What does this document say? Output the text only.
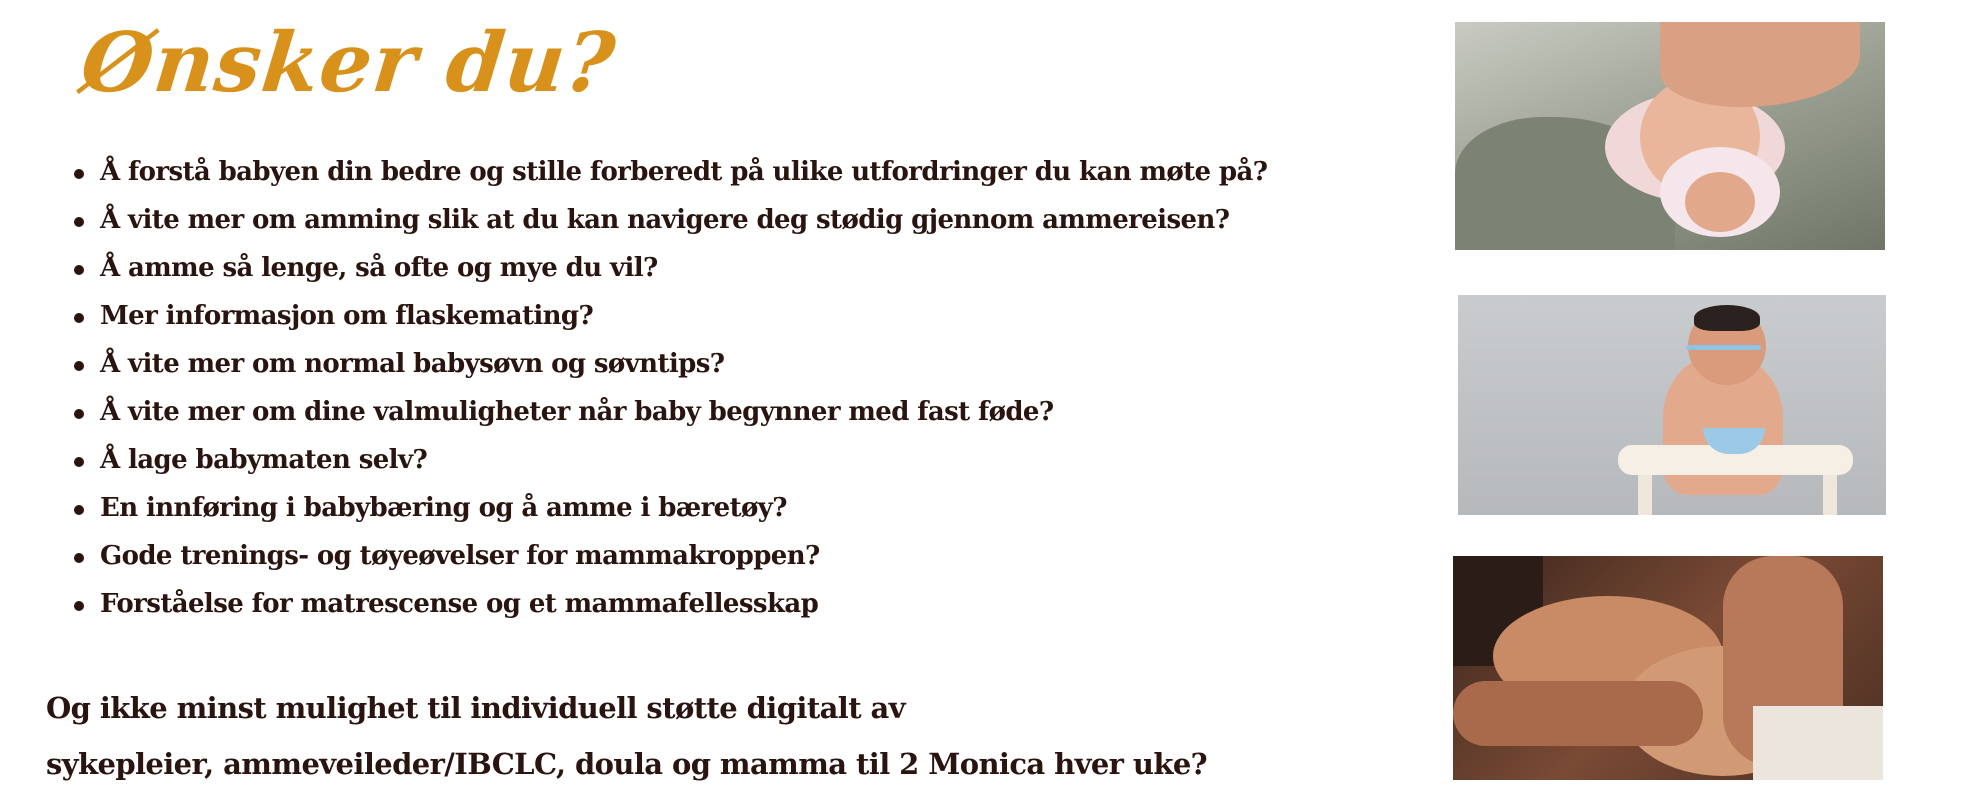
Ønsker du?
Å forstå babyen din bedre og stille forberedt på ulike utfordringer du kan møte på?
Å vite mer om amming slik at du kan navigere deg stødig gjennom ammereisen?
Å amme så lenge, så ofte og mye du vil?
Mer informasjon om flaskemating?
Å vite mer om normal babysøvn og søvntips?
Å vite mer om dine valmuligheter når baby begynner med fast føde?
Å lage babymaten selv?
En innføring i babybæring og å amme i bæretøy?
Gode trenings- og tøyeøvelser for mammakroppen?
Forståelse for matrescense og et mammafellesskap
Og ikke minst mulighet til individuell støtte digitalt av
sykepleier, ammeveileder/IBCLC, doula og mamma til 2 Monica hver uke?
